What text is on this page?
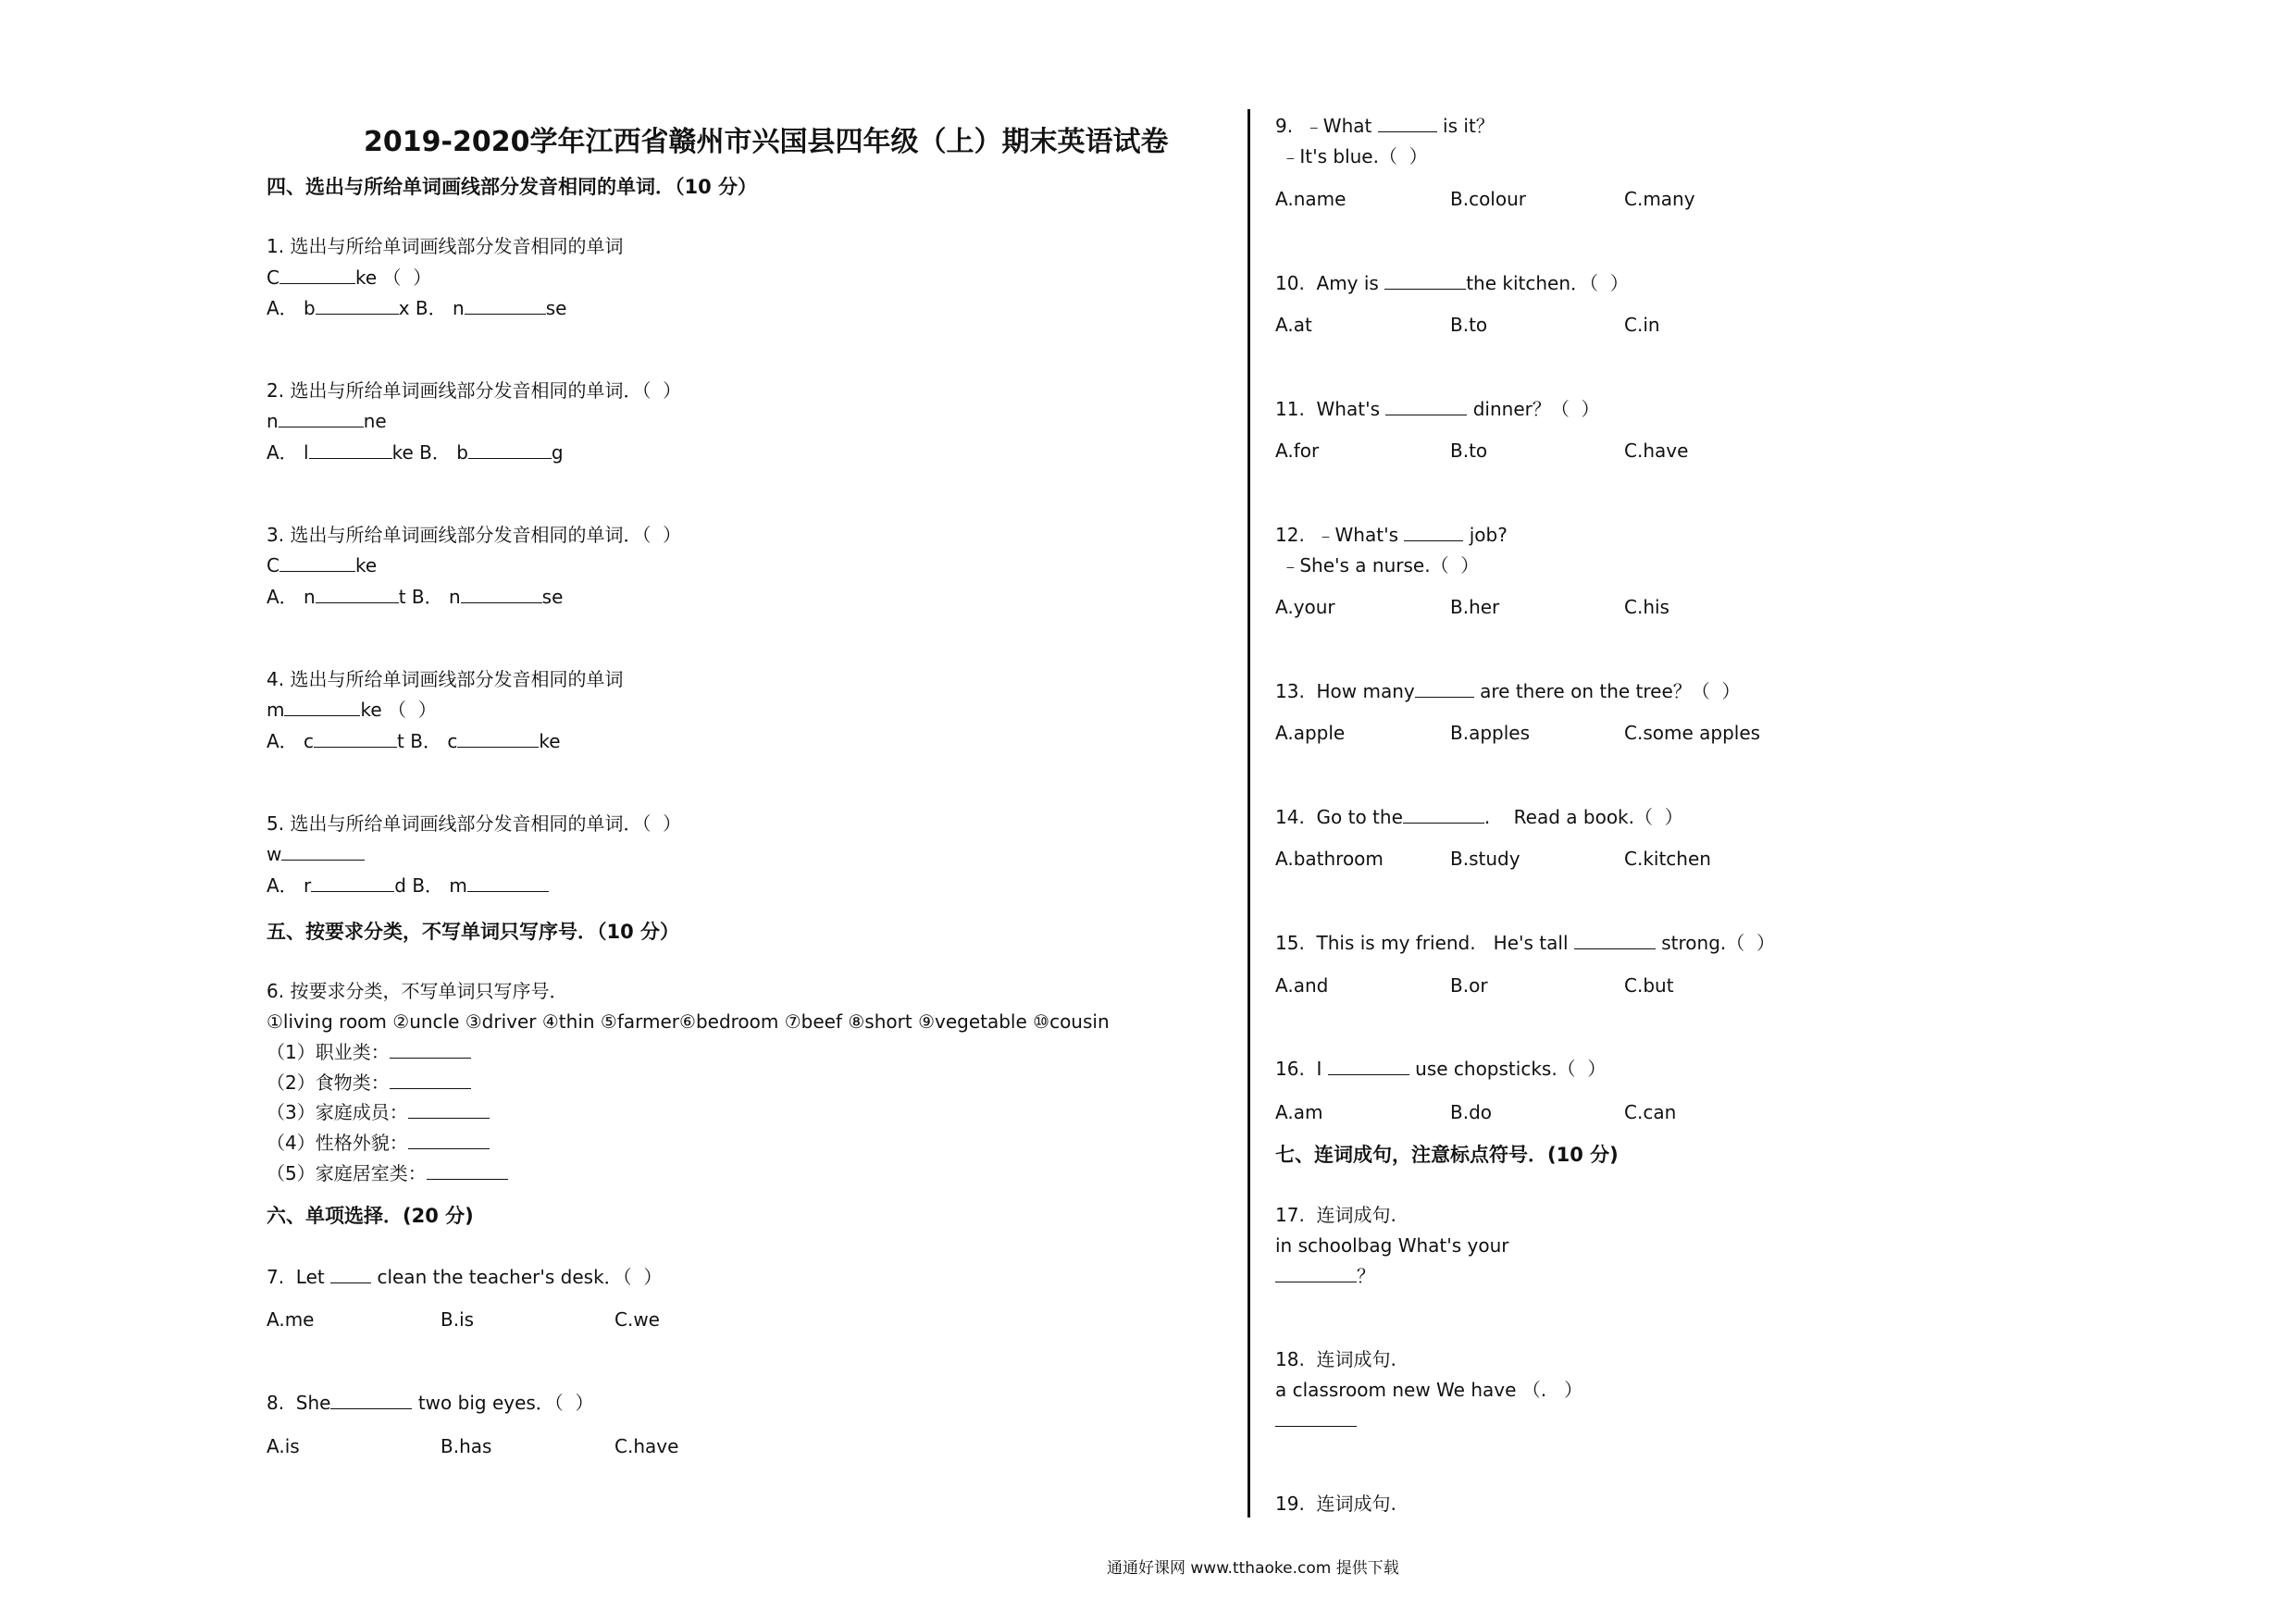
2019-2020学年江西省赣州市兴国县四年级（上）期末英语试卷
四、选出与所给单词画线部分发音相同的单词．（10 分）
1. 选出与所给单词画线部分发音相同的单词
C	ke （  ）
A． b	x B． n	se
2. 选出与所给单词画线部分发音相同的单词．（  ）
n	ne
A． l	ke B． b	g
3. 选出与所给单词画线部分发音相同的单词．（  ）
C	ke
A． n	t B． n	se
4. 选出与所给单词画线部分发音相同的单词
m	ke （  ）
A． c	t B． c	ke
5. 选出与所给单词画线部分发音相同的单词．（  ）
w
A． r	d B． m
五、按要求分类，不写单词只写序号．（10 分）
6. 按要求分类，不写单词只写序号．
①living room ②uncle ③driver ④thin ⑤farmer⑥bedroom ⑦beef ⑧short ⑨vegetable ⑩cousin
（1）职业类：
（2）食物类：
（3）家庭成员：
（4）性格外貌：
（5）家庭居室类：
六、单项选择．(20 分)
7.  Let  clean the teacher's desk．（  ）
A.me	B.is	C.we
8.  She	two big eyes．（  ）
A.is	B.has	C.have
9.  ﹣What	is it？
﹣It's blue.（  ）
A.name	B.colour	C.many
10.  Amy is	the kitchen．（  ）
A.at	B.to	C.in
11.  What's	dinner？（  ）
A.for	B.to	C.have
12.  ﹣What's	job?
﹣She's a nurse.（  ）
A.your	B.her	C.his
13.  How many	are there on the tree？（  ）
A.apple	B.apples	C.some apples
14.  Go to the	.    Read a book.（  ）
A.bathroom	B.study	C.kitchen
15.  This is my friend.   He's tall	strong.（  ）
A.and	B.or	C.but
16.  I	use chopsticks.（  ）
A.am	B.do	C.can
七、连词成句，注意标点符号．(10 分)
17.  连词成句.
in schoolbag What's your
？
18.  连词成句.
a classroom new We have （.   ）
19.  连词成句.
通通好课网 www.tthaoke.com 提供下载
